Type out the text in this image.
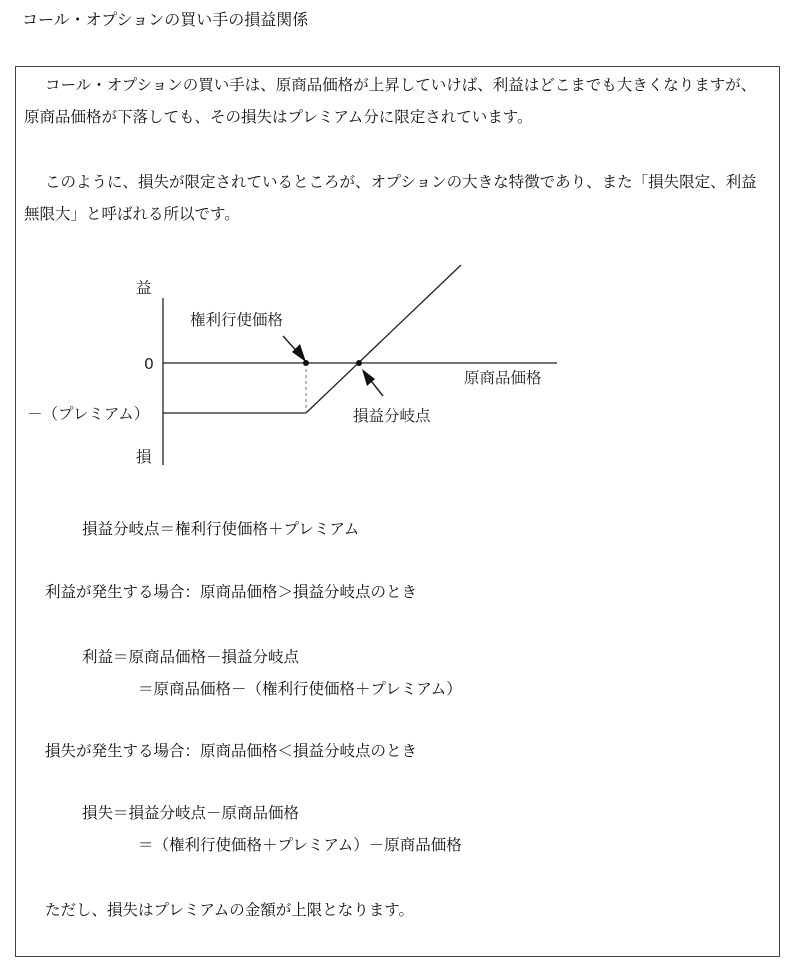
コール・オプションの買い手の損益関係
コール・オプションの買い手は、原商品価格が上昇していけば、利益はどこまでも大きくなりますが、
原商品価格が下落しても、その損失はプレミアム分に限定されています。
このように、損失が限定されているところが、オプションの大きな特徴であり、また「損失限定、利益
無限大」と呼ばれる所以です。
益
権利行使価格
0
原商品価格
－（プレミアム）	損益分岐点
損
損益分岐点＝権利行使価格＋プレミアム
利益が発生する場合：原商品価格＞損益分岐点のとき
利益＝原商品価格－損益分岐点
＝原商品価格－（権利行使価格＋プレミアム）
損失が発生する場合：原商品価格＜損益分岐点のとき
損失＝損益分岐点－原商品価格
＝（権利行使価格＋プレミアム）－原商品価格
ただし、損失はプレミアムの金額が上限となります。
